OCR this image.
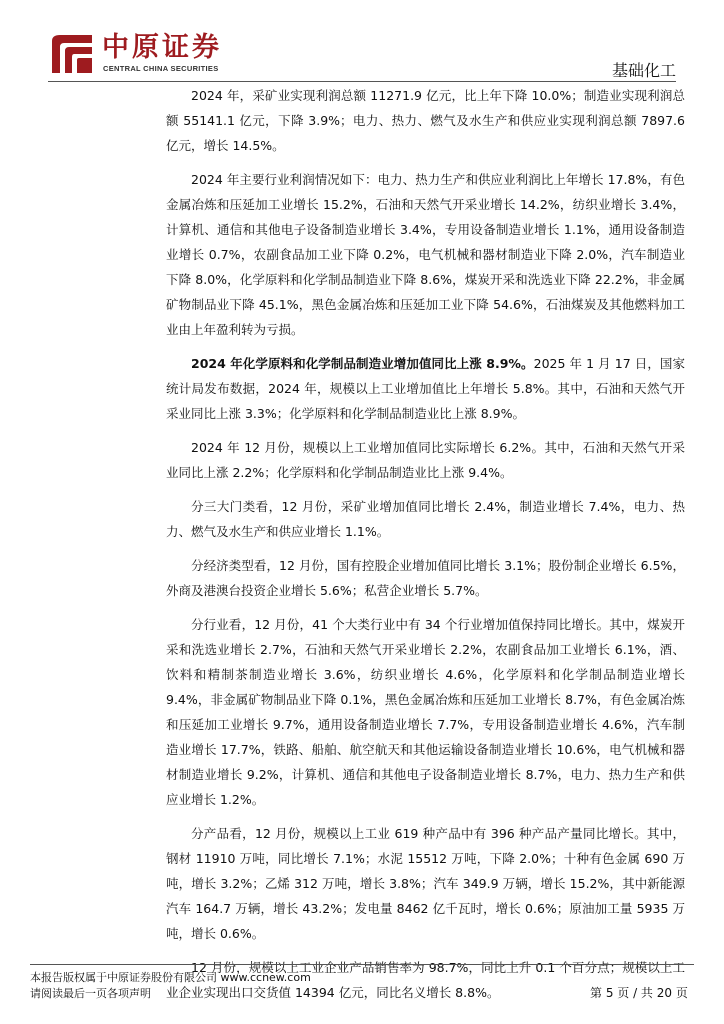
中原证券
CENTRAL CHINA SECURITIES	基础化工

2024 年，采矿业实现利润总额 11271.9 亿元，比上年下降 10.0%；制造业实现利润总额 55141.1 亿元，下降 3.9%；电力、热力、燃气及水生产和供应业实现利润总额 7897.6 亿元，增长 14.5%。

2024 年主要行业利润情况如下：电力、热力生产和供应业利润比上年增长 17.8%，有色金属冶炼和压延加工业增长 15.2%，石油和天然气开采业增长 14.2%，纺织业增长 3.4%，计算机、通信和其他电子设备制造业增长 3.4%，专用设备制造业增长 1.1%，通用设备制造业增长 0.7%，农副食品加工业下降 0.2%，电气机械和器材制造业下降 2.0%，汽车制造业下降 8.0%，化学原料和化学制品制造业下降 8.6%，煤炭开采和洗选业下降 22.2%，非金属矿物制品业下降 45.1%，黑色金属冶炼和压延加工业下降 54.6%，石油煤炭及其他燃料加工业由上年盈利转为亏损。

2024 年化学原料和化学制品制造业增加值同比上涨 8.9%。2025 年 1 月 17 日，国家统计局发布数据，2024 年，规模以上工业增加值比上年增长 5.8%。其中，石油和天然气开采业同比上涨 3.3%；化学原料和化学制品制造业比上涨 8.9%。

2024 年 12 月份，规模以上工业增加值同比实际增长 6.2%。其中，石油和天然气开采业同比上涨 2.2%；化学原料和化学制品制造业比上涨 9.4%。

分三大门类看，12 月份，采矿业增加值同比增长 2.4%，制造业增长 7.4%，电力、热力、燃气及水生产和供应业增长 1.1%。

分经济类型看，12 月份，国有控股企业增加值同比增长 3.1%；股份制企业增长 6.5%，外商及港澳台投资企业增长 5.6%；私营企业增长 5.7%。

分行业看，12 月份，41 个大类行业中有 34 个行业增加值保持同比增长。其中，煤炭开采和洗选业增长 2.7%，石油和天然气开采业增长 2.2%，农副食品加工业增长 6.1%，酒、饮料和精制茶制造业增长 3.6%，纺织业增长 4.6%，化学原料和化学制品制造业增长 9.4%，非金属矿物制品业下降 0.1%，黑色金属冶炼和压延加工业增长 8.7%，有色金属冶炼和压延加工业增长 9.7%，通用设备制造业增长 7.7%，专用设备制造业增长 4.6%，汽车制造业增长 17.7%，铁路、船舶、航空航天和其他运输设备制造业增长 10.6%，电气机械和器材制造业增长 9.2%，计算机、通信和其他电子设备制造业增长 8.7%，电力、热力生产和供应业增长 1.2%。

分产品看，12 月份，规模以上工业 619 种产品中有 396 种产品产量同比增长。其中，钢材 11910 万吨，同比增长 7.1%；水泥 15512 万吨，下降 2.0%；十种有色金属 690 万吨，增长 3.2%；乙烯 312 万吨，增长 3.8%；汽车 349.9 万辆，增长 15.2%，其中新能源汽车 164.7 万辆，增长 43.2%；发电量 8462 亿千瓦时，增长 0.6%；原油加工量 5935 万吨，增长 0.6%。

12 月份，规模以上工业企业产品销售率为 98.7%，同比上升 0.1 个百分点；规模以上工业企业实现出口交货值 14394 亿元，同比名义增长 8.8%。

本报告版权属于中原证券股份有限公司 www.ccnew.com
请阅读最后一页各项声明	第 5 页 / 共 20 页
